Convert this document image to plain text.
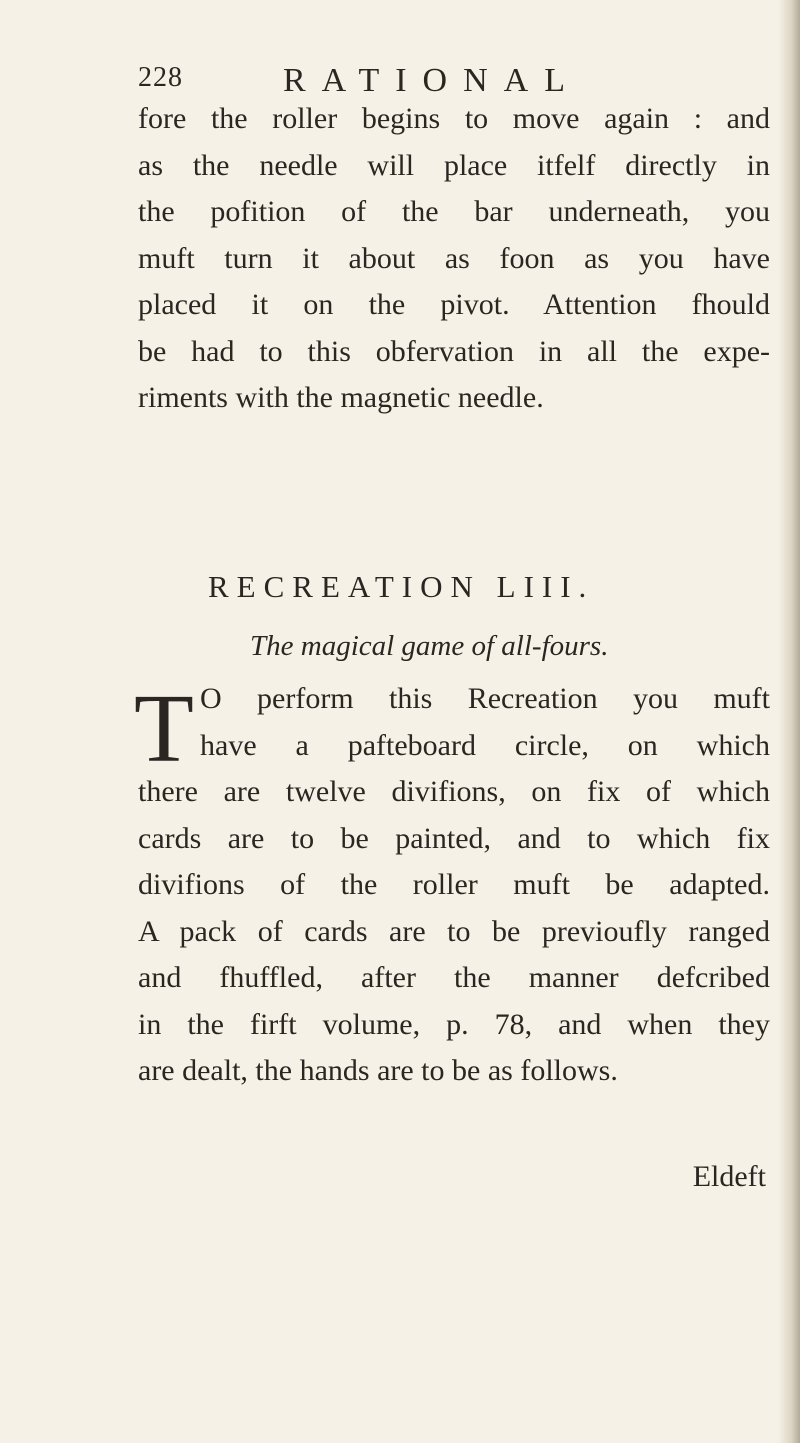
228	RATIONAL

fore the roller begins to move again : and
as the needle will place itfelf directly in
the pofition of the bar underneath, you
muft turn it about as foon as you have
placed it on the pivot. Attention fhould
be had to this obfervation in all the expe-
riments with the magnetic needle.

RECREATION LIII.
The magical game of all-fours.
T O perform this Recreation you muft
have a pafteboard circle, on which
there are twelve divifions, on fix of which
cards are to be painted, and to which fix
divifions of the roller muft be adapted.
A pack of cards are to be previoufly ranged
and fhuffled, after the manner defcribed
in the firft volume, p. 78, and when they
are dealt, the hands are to be as follows.

Eldeft
